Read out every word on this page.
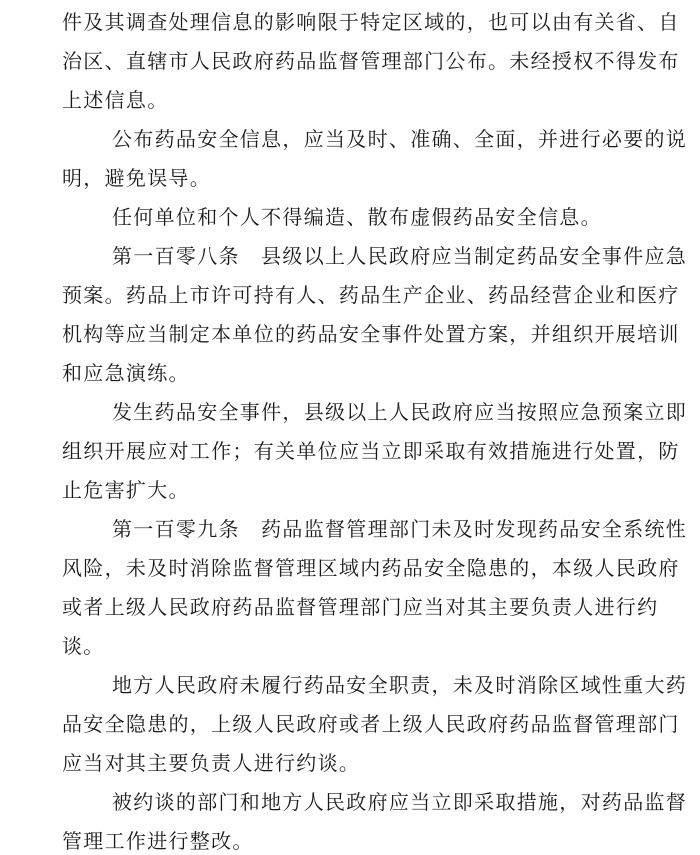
件及其调查处理信息的影响限于特定区域的，也可以由有关省、自
治区、直辖市人民政府药品监督管理部门公布。未经授权不得发布
上述信息。
公布药品安全信息，应当及时、准确、全面，并进行必要的说
明，避免误导。
任何单位和个人不得编造、散布虚假药品安全信息。
第一百零八条　县级以上人民政府应当制定药品安全事件应急
预案。药品上市许可持有人、药品生产企业、药品经营企业和医疗
机构等应当制定本单位的药品安全事件处置方案，并组织开展培训
和应急演练。
发生药品安全事件，县级以上人民政府应当按照应急预案立即
组织开展应对工作；有关单位应当立即采取有效措施进行处置，防
止危害扩大。
第一百零九条　药品监督管理部门未及时发现药品安全系统性
风险，未及时消除监督管理区域内药品安全隐患的，本级人民政府
或者上级人民政府药品监督管理部门应当对其主要负责人进行约
谈。
地方人民政府未履行药品安全职责，未及时消除区域性重大药
品安全隐患的，上级人民政府或者上级人民政府药品监督管理部门
应当对其主要负责人进行约谈。
被约谈的部门和地方人民政府应当立即采取措施，对药品监督
管理工作进行整改。
